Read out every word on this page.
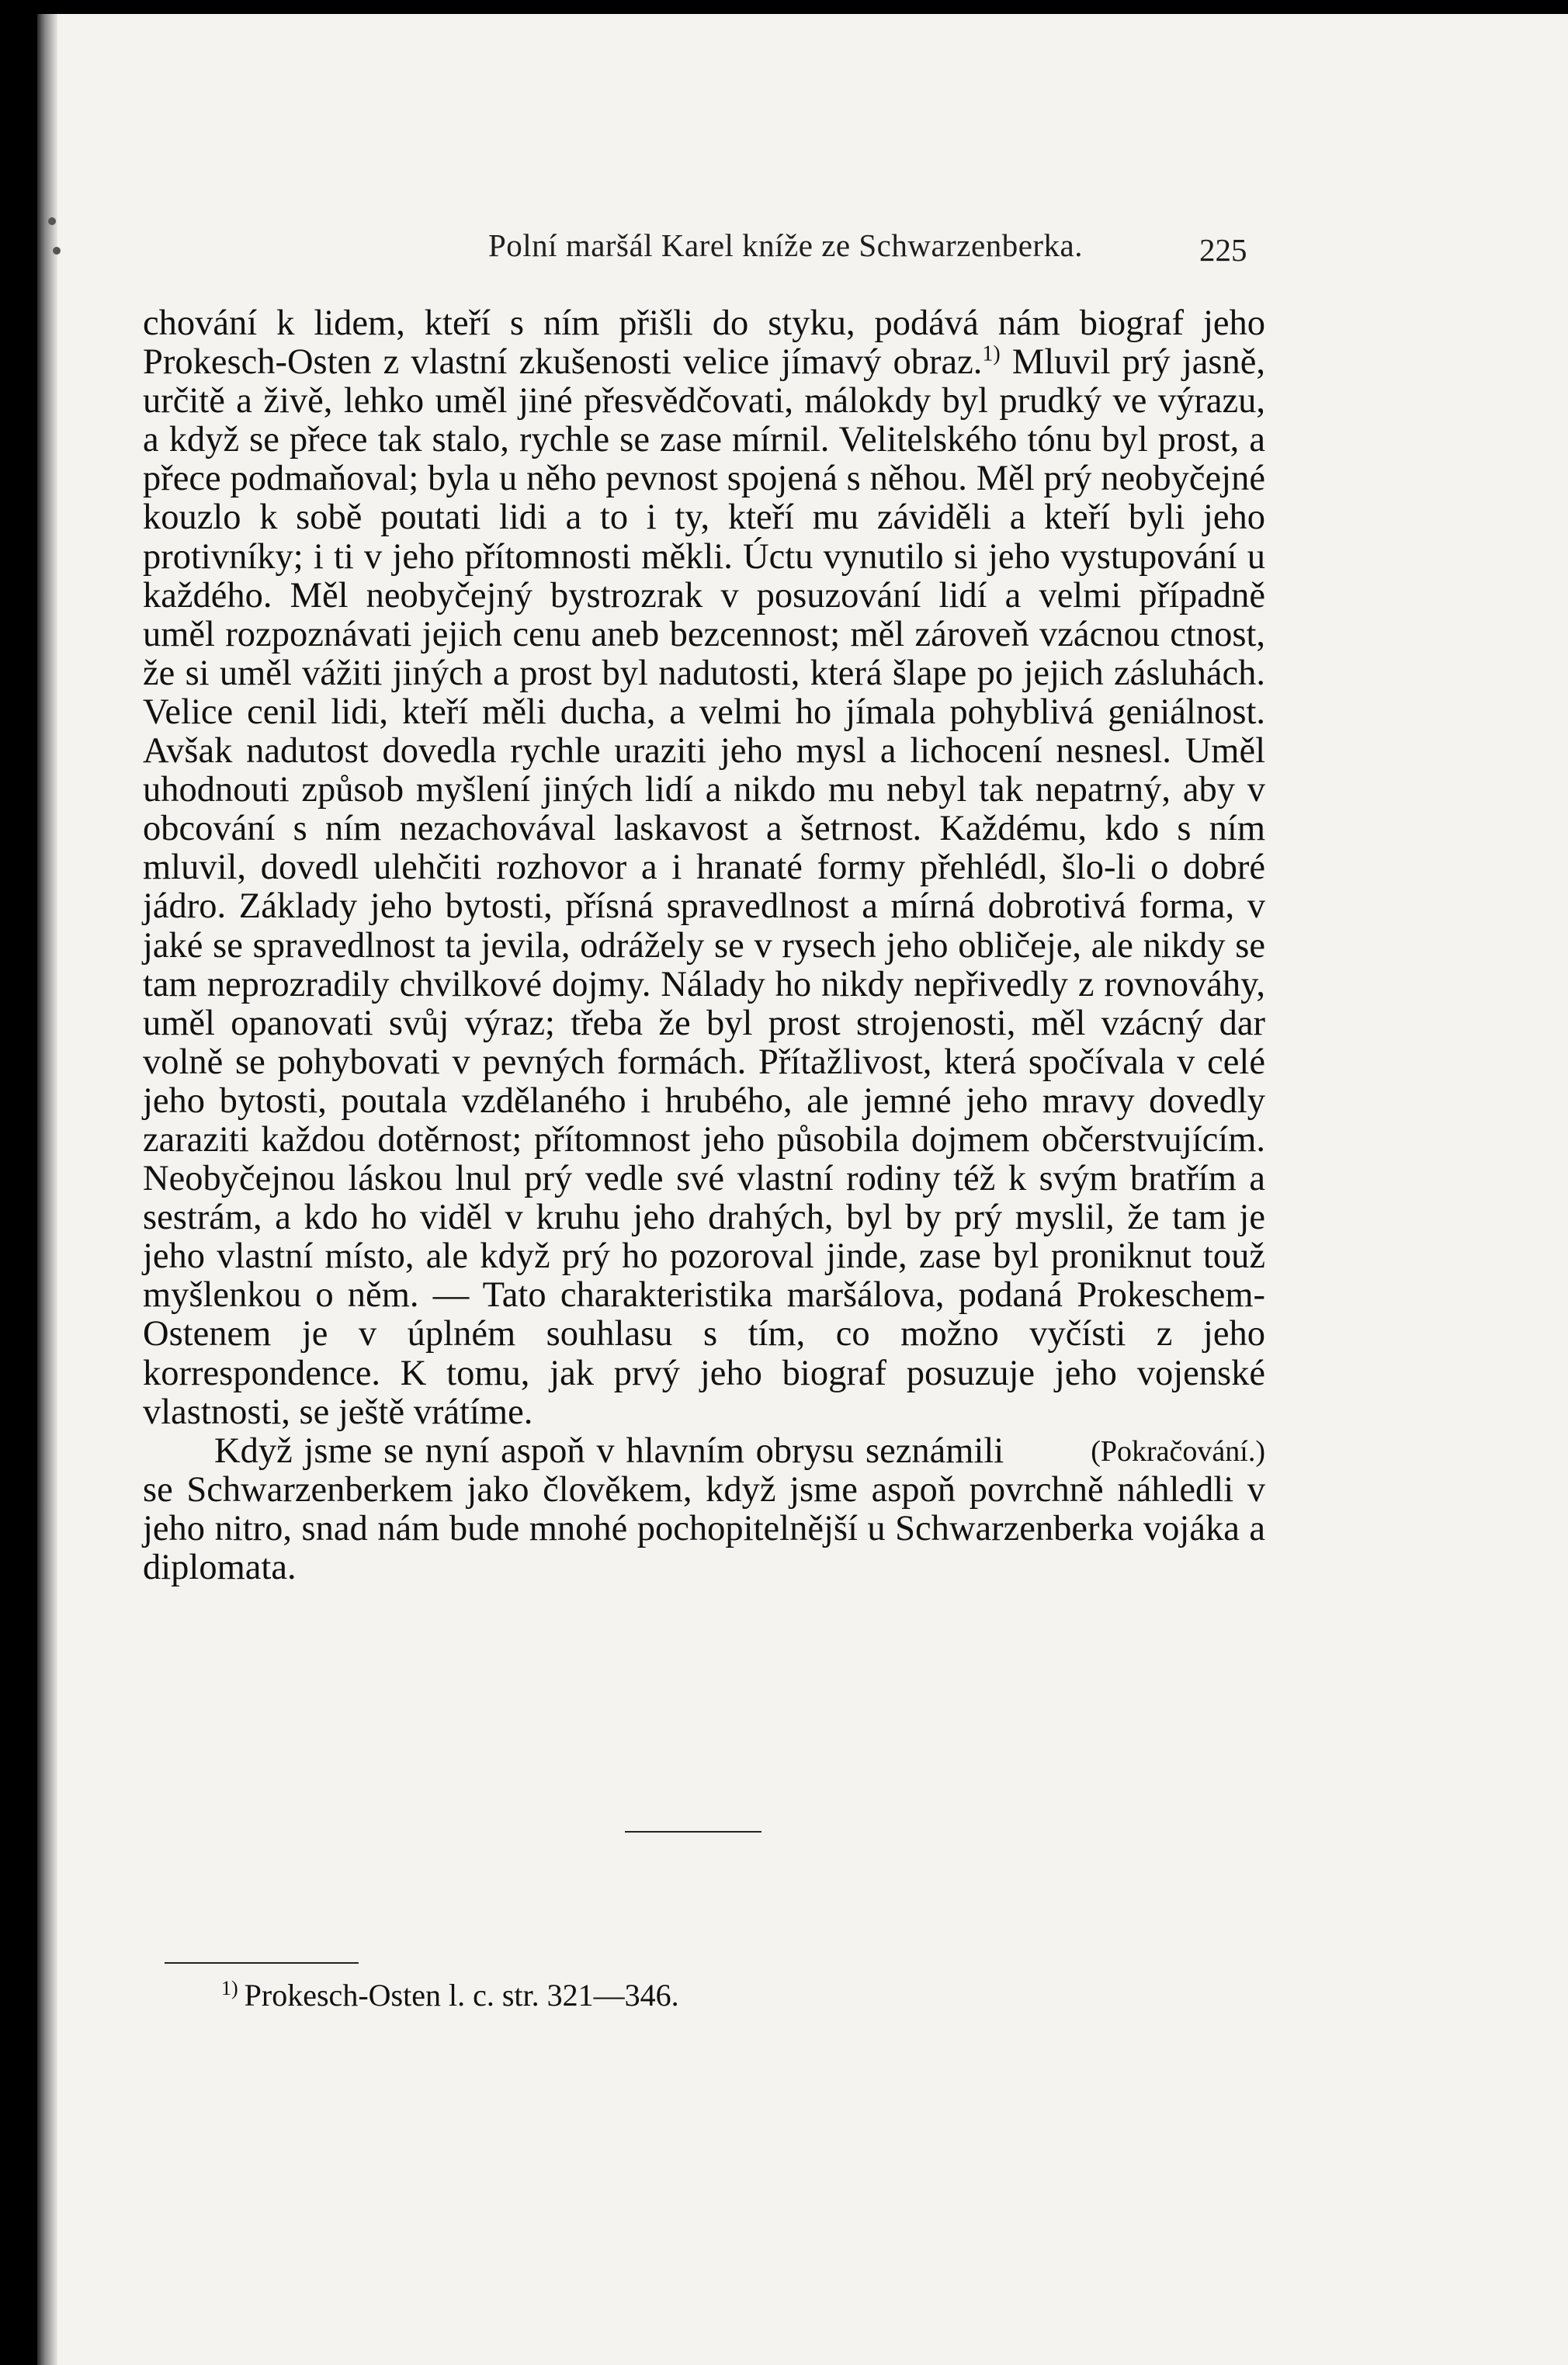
Polní maršál Karel kníže ze Schwarzenberka.	225

chování k lidem, kteří s ním přišli do styku, podává nám biograf jeho Prokesch-Osten z vlastní zkušenosti velice jímavý obraz.$^{1)}$ Mluvil prý jasně, určitě a živě, lehko uměl jiné přesvědčovati, málokdy byl prudký ve výrazu, a když se přece tak stalo, rychle se zase mírnil. Velitelského tónu byl prost, a přece podmaňoval; byla u něho pevnost spojená s něhou. Měl prý neobyčejné kouzlo k sobě poutati lidi a to i ty, kteří mu záviděli a kteří byli jeho protivníky; i ti v jeho přítomnosti měkli. Úctu vynutilo si jeho vystupování u každého. Měl neobyčejný bystrozrak v posuzování lidí a velmi případně uměl rozpoznávati jejich cenu aneb bezcennost; měl zároveň vzácnou ctnost, že si uměl vážiti jiných a prost byl nadutosti, která šlape po jejich zásluhách. Velice cenil lidi, kteří měli ducha, a velmi ho jímala pohyblivá geniálnost. Avšak nadutost dovedla rychle uraziti jeho mysl a lichocení nesnesl. Uměl uhodnouti způsob myšlení jiných lidí a nikdo mu nebyl tak nepatrný, aby v obcování s ním nezachovával laskavost a šetrnost. Každému, kdo s ním mluvil, dovedl ulehčiti rozhovor a i hranaté formy přehlédl, šlo-li o dobré jádro. Základy jeho bytosti, přísná spravedlnost a mírná dobrotivá forma, v jaké se spravedlnost ta jevila, odrážely se v rysech jeho obličeje, ale nikdy se tam neprozradily chvilkové dojmy. Nálady ho nikdy nepřivedly z rovnováhy, uměl opanovati svůj výraz; třeba že byl prost strojenosti, měl vzácný dar volně se pohybovati v pevných formách. Přítažlivost, která spočívala v celé jeho bytosti, poutala vzdělaného i hrubého, ale jemné jeho mravy dovedly zaraziti každou dotěrnost; přítomnost jeho působila dojmem občerstvujícím. Neobyčejnou láskou lnul prý vedle své vlastní rodiny též k svým bratřím a sestrám, a kdo ho viděl v kruhu jeho drahých, byl by prý myslil, že tam je jeho vlastní místo, ale když prý ho pozoroval jinde, zase byl proniknut touž myšlenkou o něm. — Tato charakteristika maršálova, podaná Prokeschem-Ostenem je v úplném souhlasu s tím, co možno vyčísti z jeho korrespondence. K tomu, jak prvý jeho biograf posuzuje jeho vojenské vlastnosti, se ještě vrátíme.

(Pokračování.)
Když jsme se nyní aspoň v hlavním obrysu seznámili se Schwarzenberkem jako člověkem, když jsme aspoň povrchně náhledli v jeho nitro, snad nám bude mnohé pochopitelnější u Schwarzenberka vojáka a diplomata.

$^{1)}$ Prokesch-Osten l. c. str. 321—346.
